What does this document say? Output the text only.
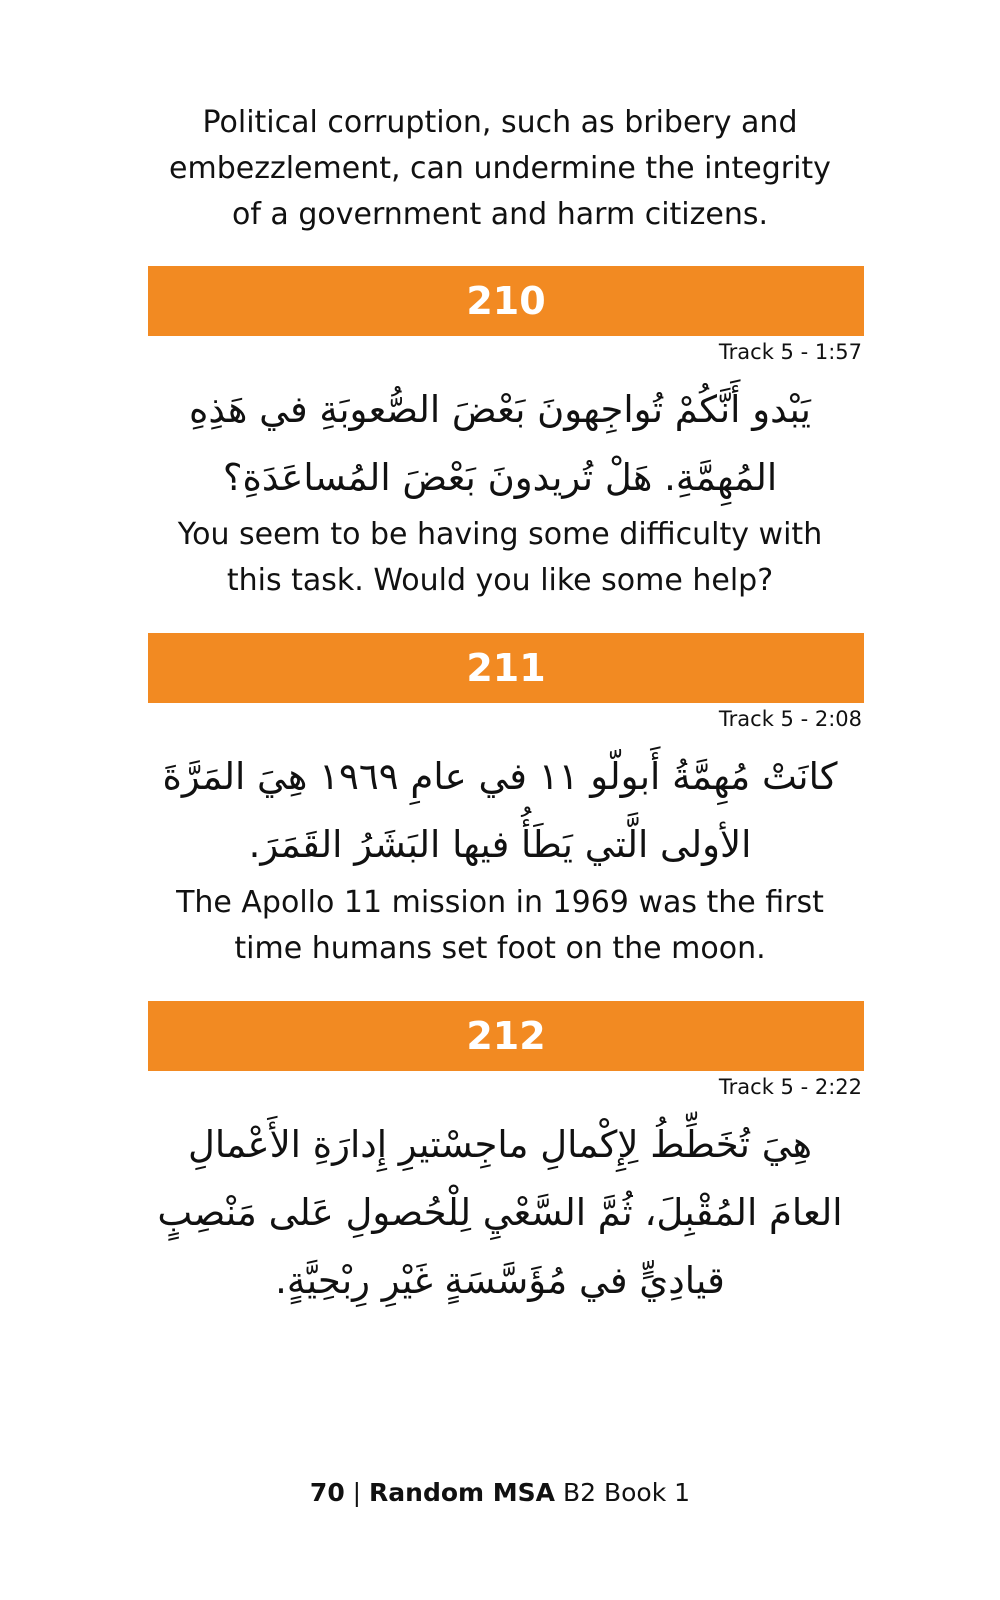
Political corruption, such as bribery and embezzlement, can undermine the integrity of a government and harm citizens.

210
Track 5 - 1:57

يَبْدو أَنَّكُمْ تُواجِهونَ بَعْضَ الصُّعوبَةِ في هَذِهِ المُهِمَّةِ. هَلْ تُريدونَ بَعْضَ المُساعَدَةِ؟

You seem to be having some difficulty with this task. Would you like some help?

211
Track 5 - 2:08

كانَتْ مُهِمَّةُ أَبولّو ١١ في عامِ ١٩٦٩ هِيَ المَرَّةَ الأولى الَّتي يَطَأُ فيها البَشَرُ القَمَرَ.

The Apollo 11 mission in 1969 was the first time humans set foot on the moon.

212
Track 5 - 2:22

هِيَ تُخَطِّطُ لِإِكْمالِ ماجِسْتيرِ إِدارَةِ الأَعْمالِ العامَ المُقْبِلَ، ثُمَّ السَّعْيِ لِلْحُصولِ عَلى مَنْصِبٍ قيادِيٍّ في مُؤَسَّسَةٍ غَيْرِ رِبْحِيَّةٍ.

70 | Random MSA B2 Book 1
